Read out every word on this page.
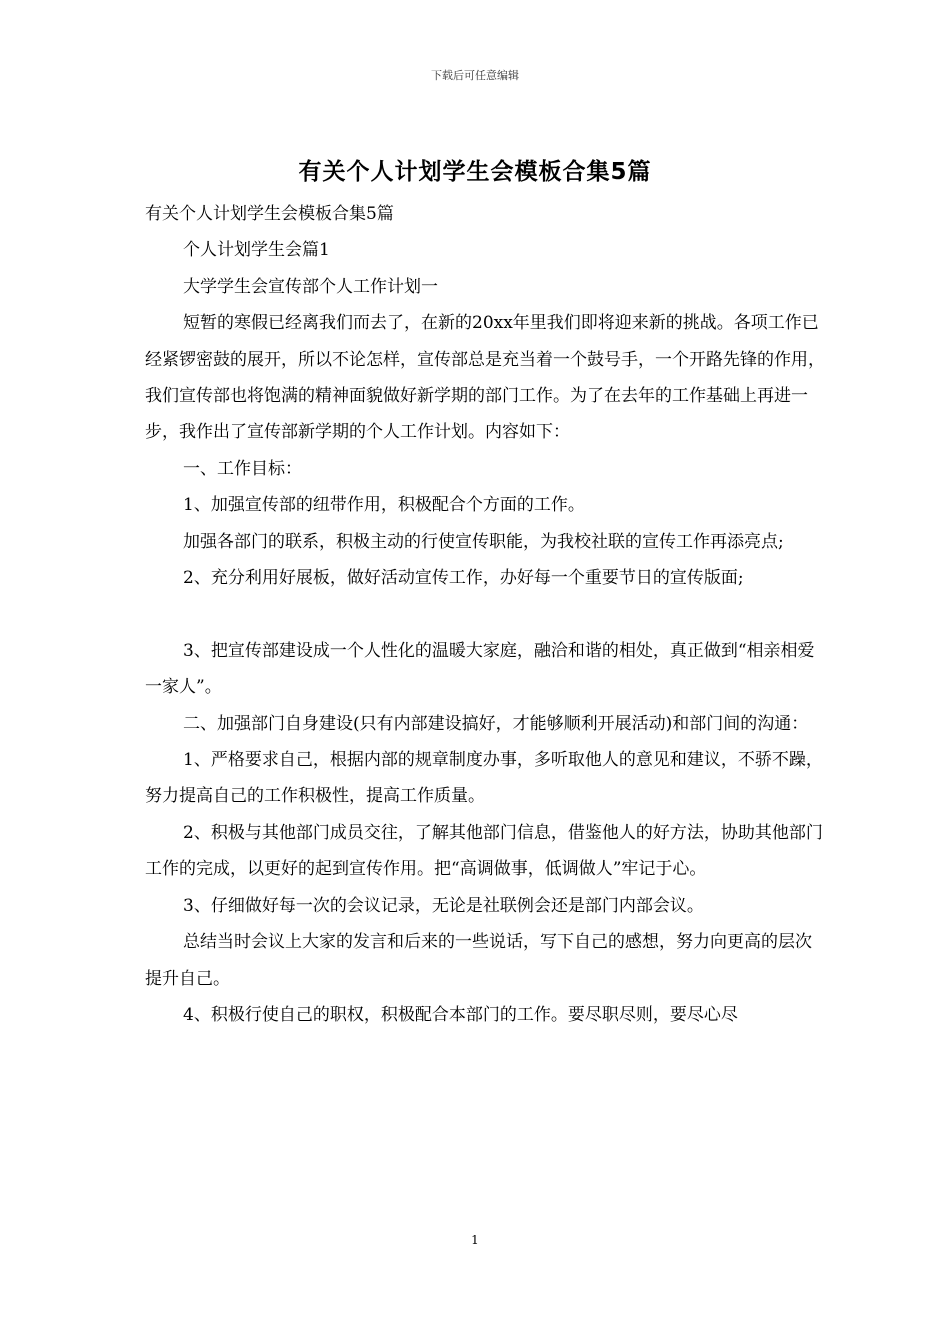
下载后可任意编辑
有关个人计划学生会模板合集5篇

有关个人计划学生会模板合集5篇

个人计划学生会篇1

大学学生会宣传部个人工作计划一

短暂的寒假已经离我们而去了，在新的20xx年里我们即将迎来新的挑战。各项工作已经紧锣密鼓的展开，所以不论怎样，宣传部总是充当着一个鼓号手，一个开路先锋的作用，我们宣传部也将饱满的精神面貌做好新学期的部门工作。为了在去年的工作基础上再进一步，我作出了宣传部新学期的个人工作计划。内容如下：

一、工作目标：

1、加强宣传部的纽带作用，积极配合个方面的工作。

加强各部门的联系，积极主动的行使宣传职能，为我校社联的宣传工作再添亮点;

2、充分利用好展板，做好活动宣传工作，办好每一个重要节日的宣传版面;

3、把宣传部建设成一个人性化的温暖大家庭，融洽和谐的相处，真正做到“相亲相爱一家人”。

二、加强部门自身建设(只有内部建设搞好，才能够顺利开展活动)和部门间的沟通：

1、严格要求自己，根据内部的规章制度办事，多听取他人的意见和建议，不骄不躁，努力提高自己的工作积极性，提高工作质量。

2、积极与其他部门成员交往，了解其他部门信息，借鉴他人的好方法，协助其他部门工作的完成，以更好的起到宣传作用。把“高调做事，低调做人”牢记于心。

3、仔细做好每一次的会议记录，无论是社联例会还是部门内部会议。

总结当时会议上大家的发言和后来的一些说话，写下自己的感想，努力向更高的层次提升自己。

4、积极行使自己的职权，积极配合本部门的工作。要尽职尽则，要尽心尽

1
